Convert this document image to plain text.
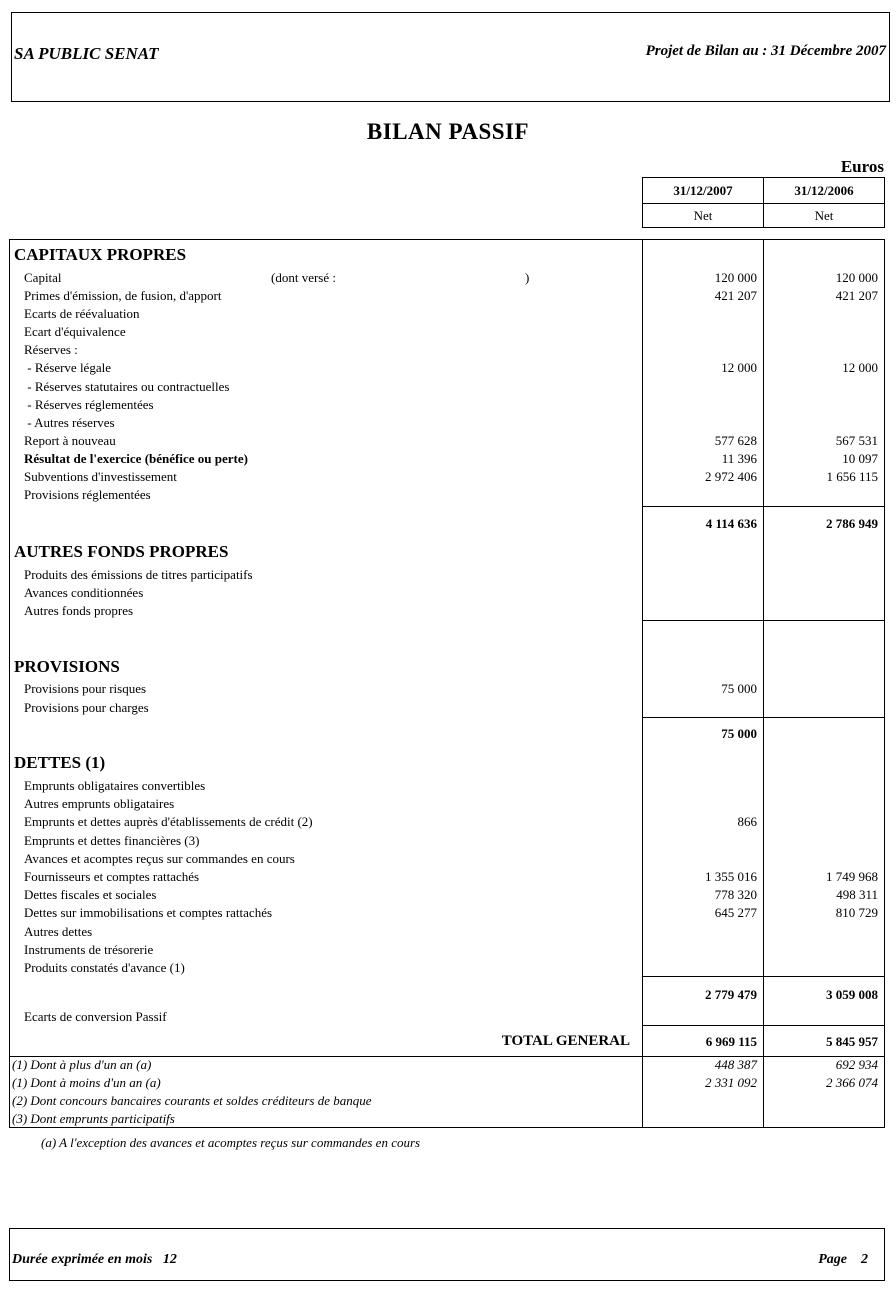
SA PUBLIC SENAT	Projet de Bilan au : 31 Décembre 2007
BILAN PASSIF
Euros
31/12/2007	31/12/2006
Net	Net
CAPITAUX PROPRES
Capital	(dont versé :	)	120 000	120 000
Primes d'émission, de fusion, d'apport	421 207	421 207
Ecarts de réévaluation
Ecart d'équivalence
Réserves :
- Réserve légale	12 000	12 000
- Réserves statutaires ou contractuelles
- Réserves réglementées
- Autres réserves
Report à nouveau	577 628	567 531
Résultat de l'exercice (bénéfice ou perte)	11 396	10 097
Subventions d'investissement	2 972 406	1 656 115
Provisions réglementées
4 114 636	2 786 949
AUTRES FONDS PROPRES
Produits des émissions de titres participatifs
Avances conditionnées
Autres fonds propres
PROVISIONS
Provisions pour risques	75 000
Provisions pour charges
75 000
DETTES (1)
Emprunts obligataires convertibles
Autres emprunts obligataires
Emprunts et dettes auprès d'établissements de crédit (2)	866
Emprunts et dettes financières (3)
Avances et acomptes reçus sur commandes en cours
Fournisseurs et comptes rattachés	1 355 016	1 749 968
Dettes fiscales et sociales	778 320	498 311
Dettes sur immobilisations et comptes rattachés	645 277	810 729
Autres dettes
Instruments de trésorerie
Produits constatés d'avance (1)
2 779 479	3 059 008
Ecarts de conversion Passif
TOTAL GENERAL	6 969 115	5 845 957
(1) Dont à plus d'un an (a)	448 387	692 934
(1) Dont à moins d'un an (a)	2 331 092	2 366 074
(2) Dont concours bancaires courants et soldes créditeurs de banque
(3) Dont emprunts participatifs
(a) A l'exception des avances et acomptes reçus sur commandes en cours
Durée exprimée en mois   12	Page    2
